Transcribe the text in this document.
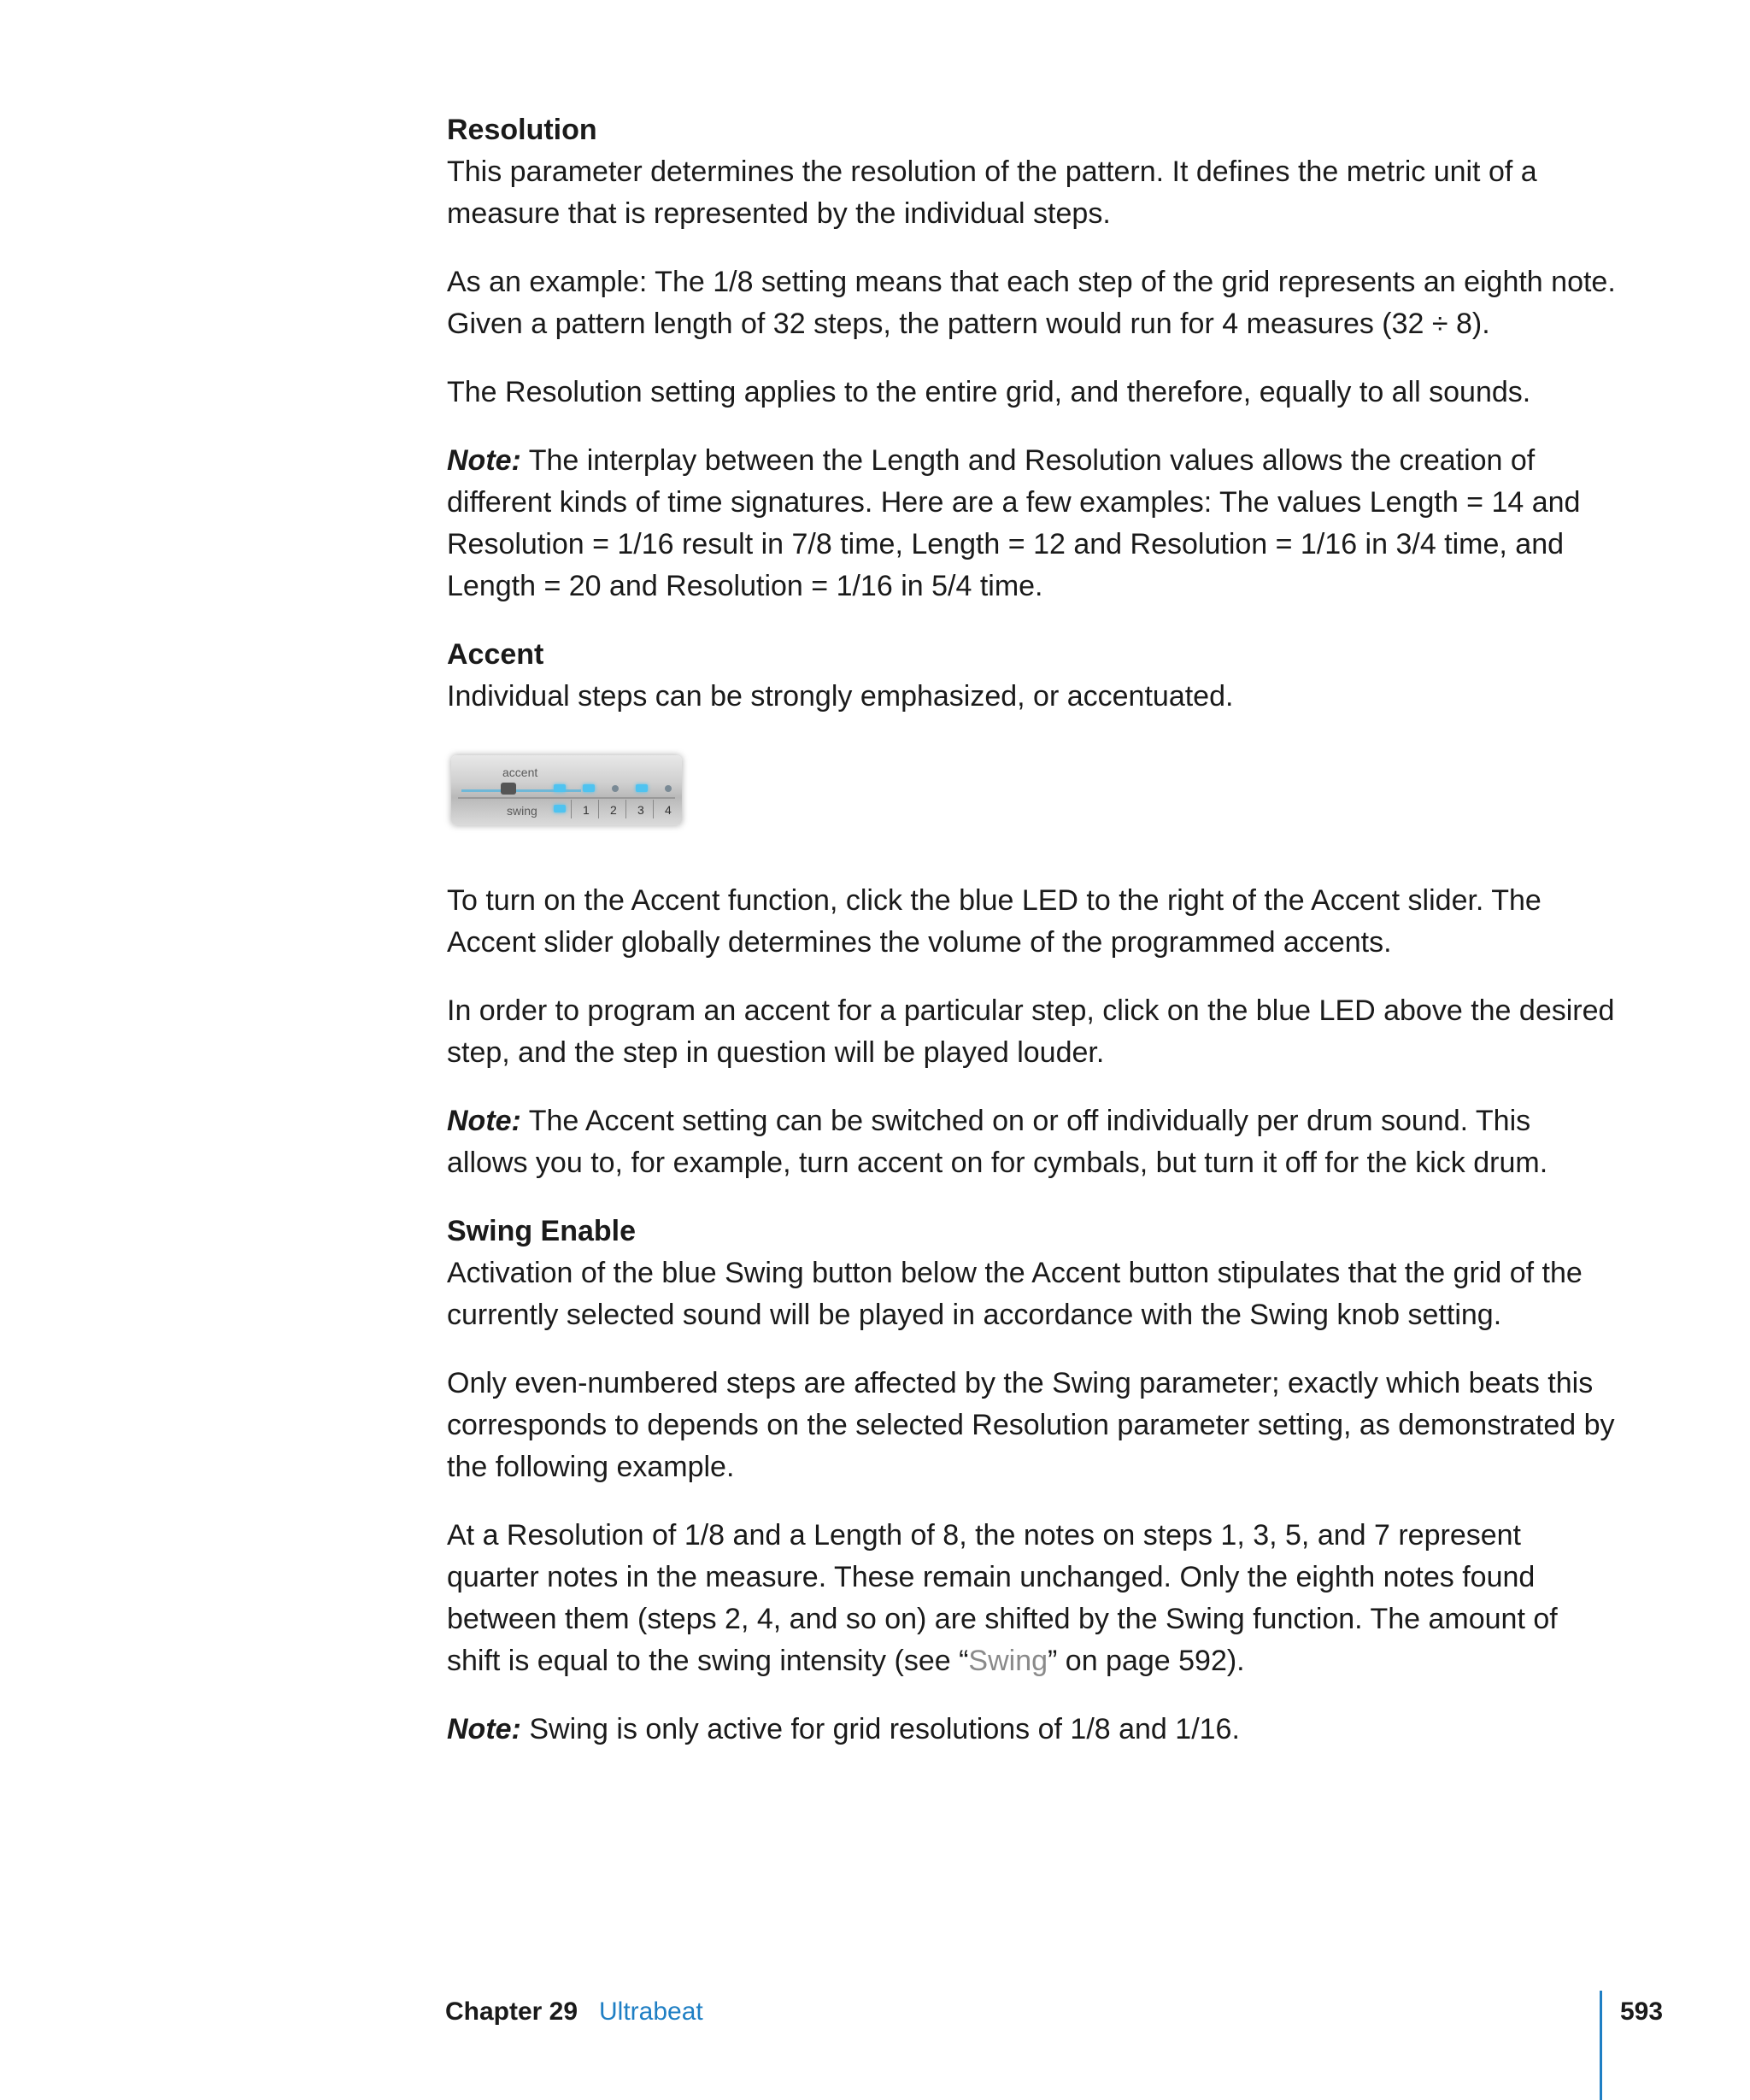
Resolution

This parameter determines the resolution of the pattern. It defines the metric unit of a measure that is represented by the individual steps.

As an example: The 1/8 setting means that each step of the grid represents an eighth note. Given a pattern length of 32 steps, the pattern would run for 4 measures (32 ÷ 8).

The Resolution setting applies to the entire grid, and therefore, equally to all sounds.

Note: The interplay between the Length and Resolution values allows the creation of different kinds of time signatures. Here are a few examples: The values Length = 14 and Resolution = 1/16 result in 7/8 time, Length = 12 and Resolution = 1/16 in 3/4 time, and Length = 20 and Resolution = 1/16 in 5/4 time.

Accent

Individual steps can be strongly emphasized, or accentuated.

accent
swing	1 2 3 4

To turn on the Accent function, click the blue LED to the right of the Accent slider. The Accent slider globally determines the volume of the programmed accents.

In order to program an accent for a particular step, click on the blue LED above the desired step, and the step in question will be played louder.

Note: The Accent setting can be switched on or off individually per drum sound. This allows you to, for example, turn accent on for cymbals, but turn it off for the kick drum.

Swing Enable

Activation of the blue Swing button below the Accent button stipulates that the grid of the currently selected sound will be played in accordance with the Swing knob setting.

Only even-numbered steps are affected by the Swing parameter; exactly which beats this corresponds to depends on the selected Resolution parameter setting, as demonstrated by the following example.

At a Resolution of 1/8 and a Length of 8, the notes on steps 1, 3, 5, and 7 represent quarter notes in the measure. These remain unchanged. Only the eighth notes found between them (steps 2, 4, and so on) are shifted by the Swing function. The amount of shift is equal to the swing intensity (see “Swing” on page 592).

Note: Swing is only active for grid resolutions of 1/8 and 1/16.

Chapter 29 Ultrabeat	593
